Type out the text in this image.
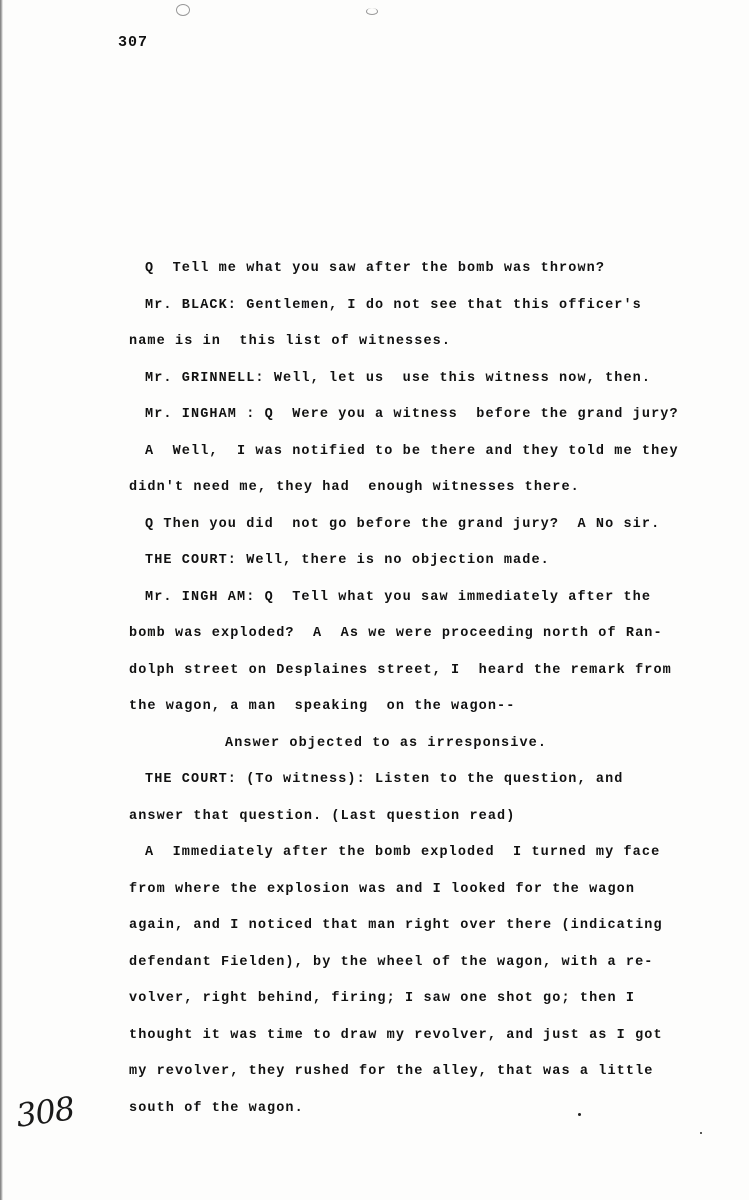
307
Q  Tell me what you saw after the bomb was thrown?
Mr. BLACK: Gentlemen, I do not see that this officer's
name is in  this list of witnesses.
Mr. GRINNELL: Well, let us  use this witness now, then.
Mr. INGHAM : Q  Were you a witness  before the grand jury?
A  Well,  I was notified to be there and they told me they
didn't need me, they had  enough witnesses there.
Q Then you did  not go before the grand jury?  A No sir.
THE COURT: Well, there is no objection made.
Mr. INGH AM: Q  Tell what you saw immediately after the
bomb was exploded?  A  As we were proceeding north of Ran-
dolph street on Desplaines street, I  heard the remark from
the wagon, a man  speaking  on the wagon--
Answer objected to as irresponsive.
THE COURT: (To witness): Listen to the question, and
answer that question. (Last question read)
A  Immediately after the bomb exploded  I turned my face
from where the explosion was and I looked for the wagon
again, and I noticed that man right over there (indicating
defendant Fielden), by the wheel of the wagon, with a re-
volver, right behind, firing; I saw one shot go; then I
thought it was time to draw my revolver, and just as I got
my revolver, they rushed for the alley, that was a little
south of the wagon.
308
